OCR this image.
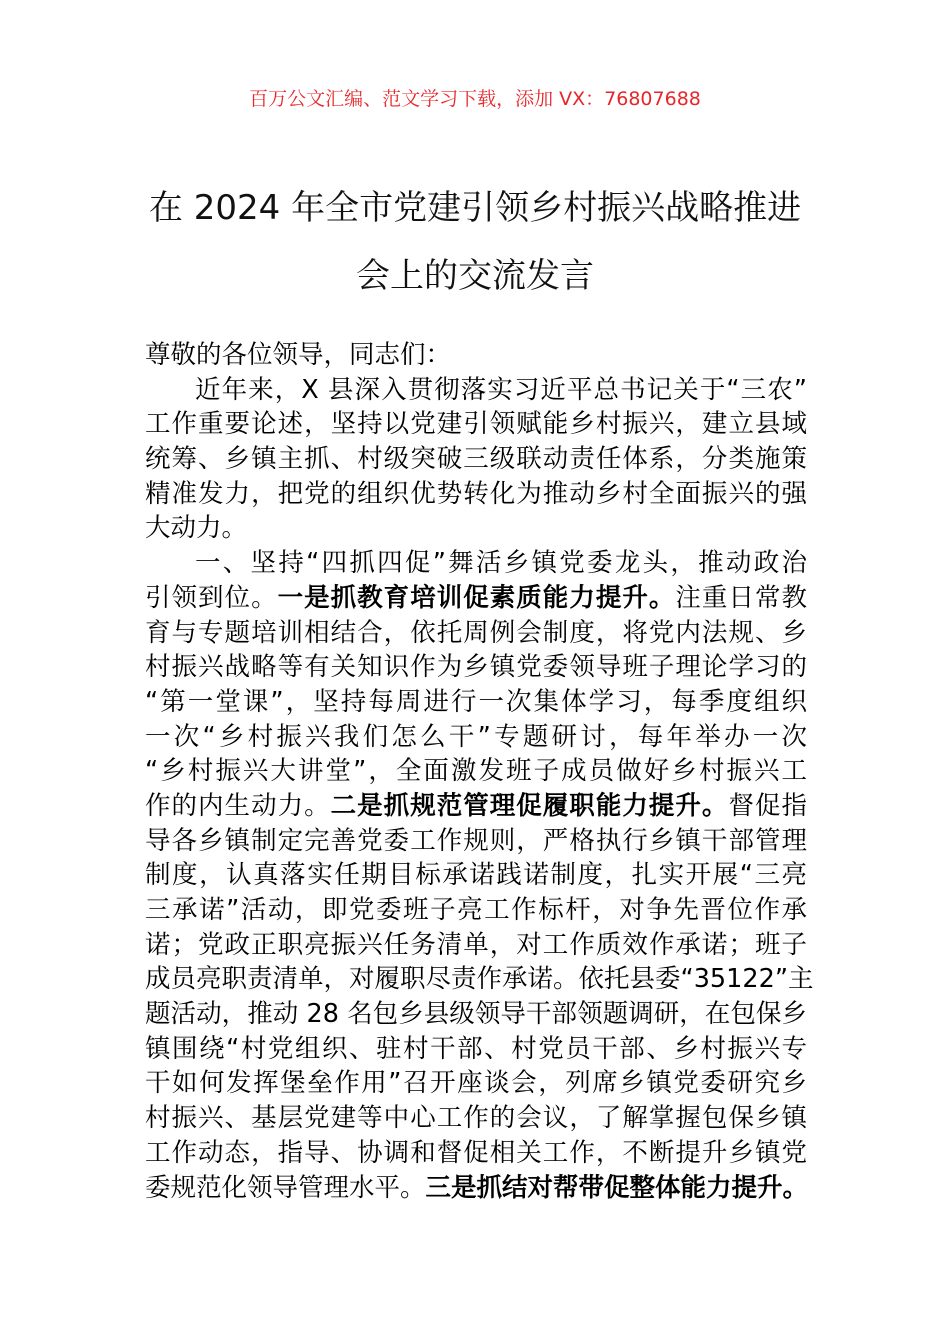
百万公文汇编、范文学习下载，添加 VX：76807688
在 2024 年全市党建引领乡村振兴战略推进
会上的交流发言
尊敬的各位领导，同志们：
近年来，X 县深入贯彻落实习近平总书记关于“三农”
工作重要论述，坚持以党建引领赋能乡村振兴，建立县域
统筹、乡镇主抓、村级突破三级联动责任体系，分类施策
精准发力，把党的组织优势转化为推动乡村全面振兴的强
大动力。
一、坚持“四抓四促”舞活乡镇党委龙头，推动政治
引领到位。一是抓教育培训促素质能力提升。注重日常教
育与专题培训相结合，依托周例会制度，将党内法规、乡
村振兴战略等有关知识作为乡镇党委领导班子理论学习的
“第一堂课”，坚持每周进行一次集体学习，每季度组织
一次“乡村振兴我们怎么干”专题研讨，每年举办一次
“乡村振兴大讲堂”，全面激发班子成员做好乡村振兴工
作的内生动力。二是抓规范管理促履职能力提升。督促指
导各乡镇制定完善党委工作规则，严格执行乡镇干部管理
制度，认真落实任期目标承诺践诺制度，扎实开展“三亮
三承诺”活动，即党委班子亮工作标杆，对争先晋位作承
诺；党政正职亮振兴任务清单，对工作质效作承诺；班子
成员亮职责清单，对履职尽责作承诺。依托县委“35122”主
题活动，推动 28 名包乡县级领导干部领题调研，在包保乡
镇围绕“村党组织、驻村干部、村党员干部、乡村振兴专
干如何发挥堡垒作用”召开座谈会，列席乡镇党委研究乡
村振兴、基层党建等中心工作的会议，了解掌握包保乡镇
工作动态，指导、协调和督促相关工作，不断提升乡镇党
委规范化领导管理水平。三是抓结对帮带促整体能力提升。
